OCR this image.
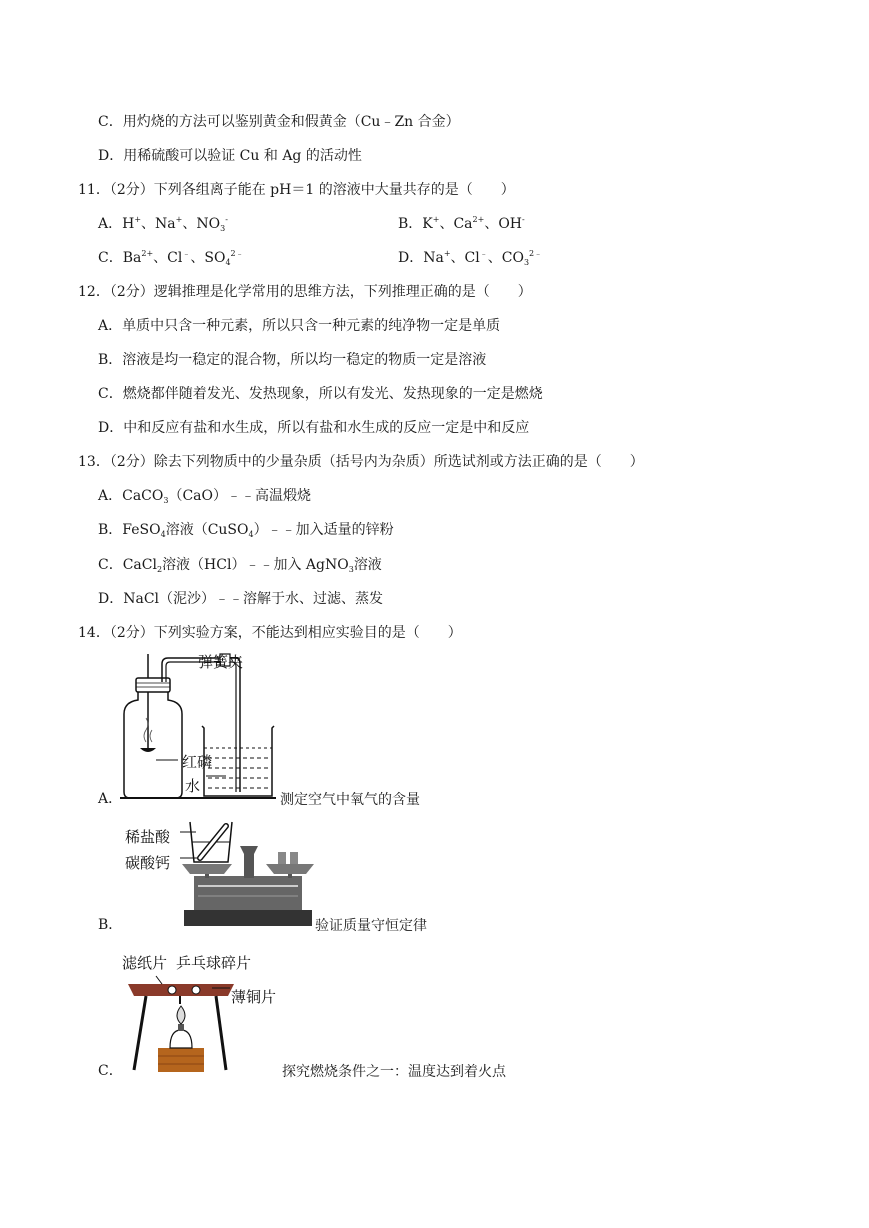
C．用灼烧的方法可以鉴别黄金和假黄金（Cu﹣Zn 合金）
D．用稀硫酸可以验证 Cu 和 Ag 的活动性
11．（2分）下列各组离子能在 pH＝1 的溶液中大量共存的是（　　）
A．H+、Na+、$NO_3^-$	B．K+、$Ca^{2+}$、OH-
C．$Ba^{2+}$、Cl﹣、$SO_4^{2﹣}$	D．Na+、Cl﹣、$CO_3^{2﹣}$
12．（2分）逻辑推理是化学常用的思维方法，下列推理正确的是（　　）
A．单质中只含一种元素，所以只含一种元素的纯净物一定是单质
B．溶液是均一稳定的混合物，所以均一稳定的物质一定是溶液
C．燃烧都伴随着发光、发热现象，所以有发光、发热现象的一定是燃烧
D．中和反应有盐和水生成，所以有盐和水生成的反应一定是中和反应
13．（2分）除去下列物质中的少量杂质（括号内为杂质）所选试剂或方法正确的是（　　）
A．CaCO$_3$（CaO）﹣﹣高温煅烧
B．FeSO$_4$溶液（CuSO$_4$）﹣﹣加入适量的锌粉
C．CaCl$_2$溶液（HCl）﹣﹣加入 AgNO$_3$溶液
D．NaCl（泥沙）﹣﹣溶解于水、过滤、蒸发
14．（2分）下列实验方案，不能达到相应实验目的是（　　）
A．
弹簧夹
红磷
水
测定空气中氧气的含量
B．
稀盐酸
碳酸钙
验证质量守恒定律
C．
滤纸片 乒乓球碎片
薄铜片
探究燃烧条件之一：温度达到着火点
